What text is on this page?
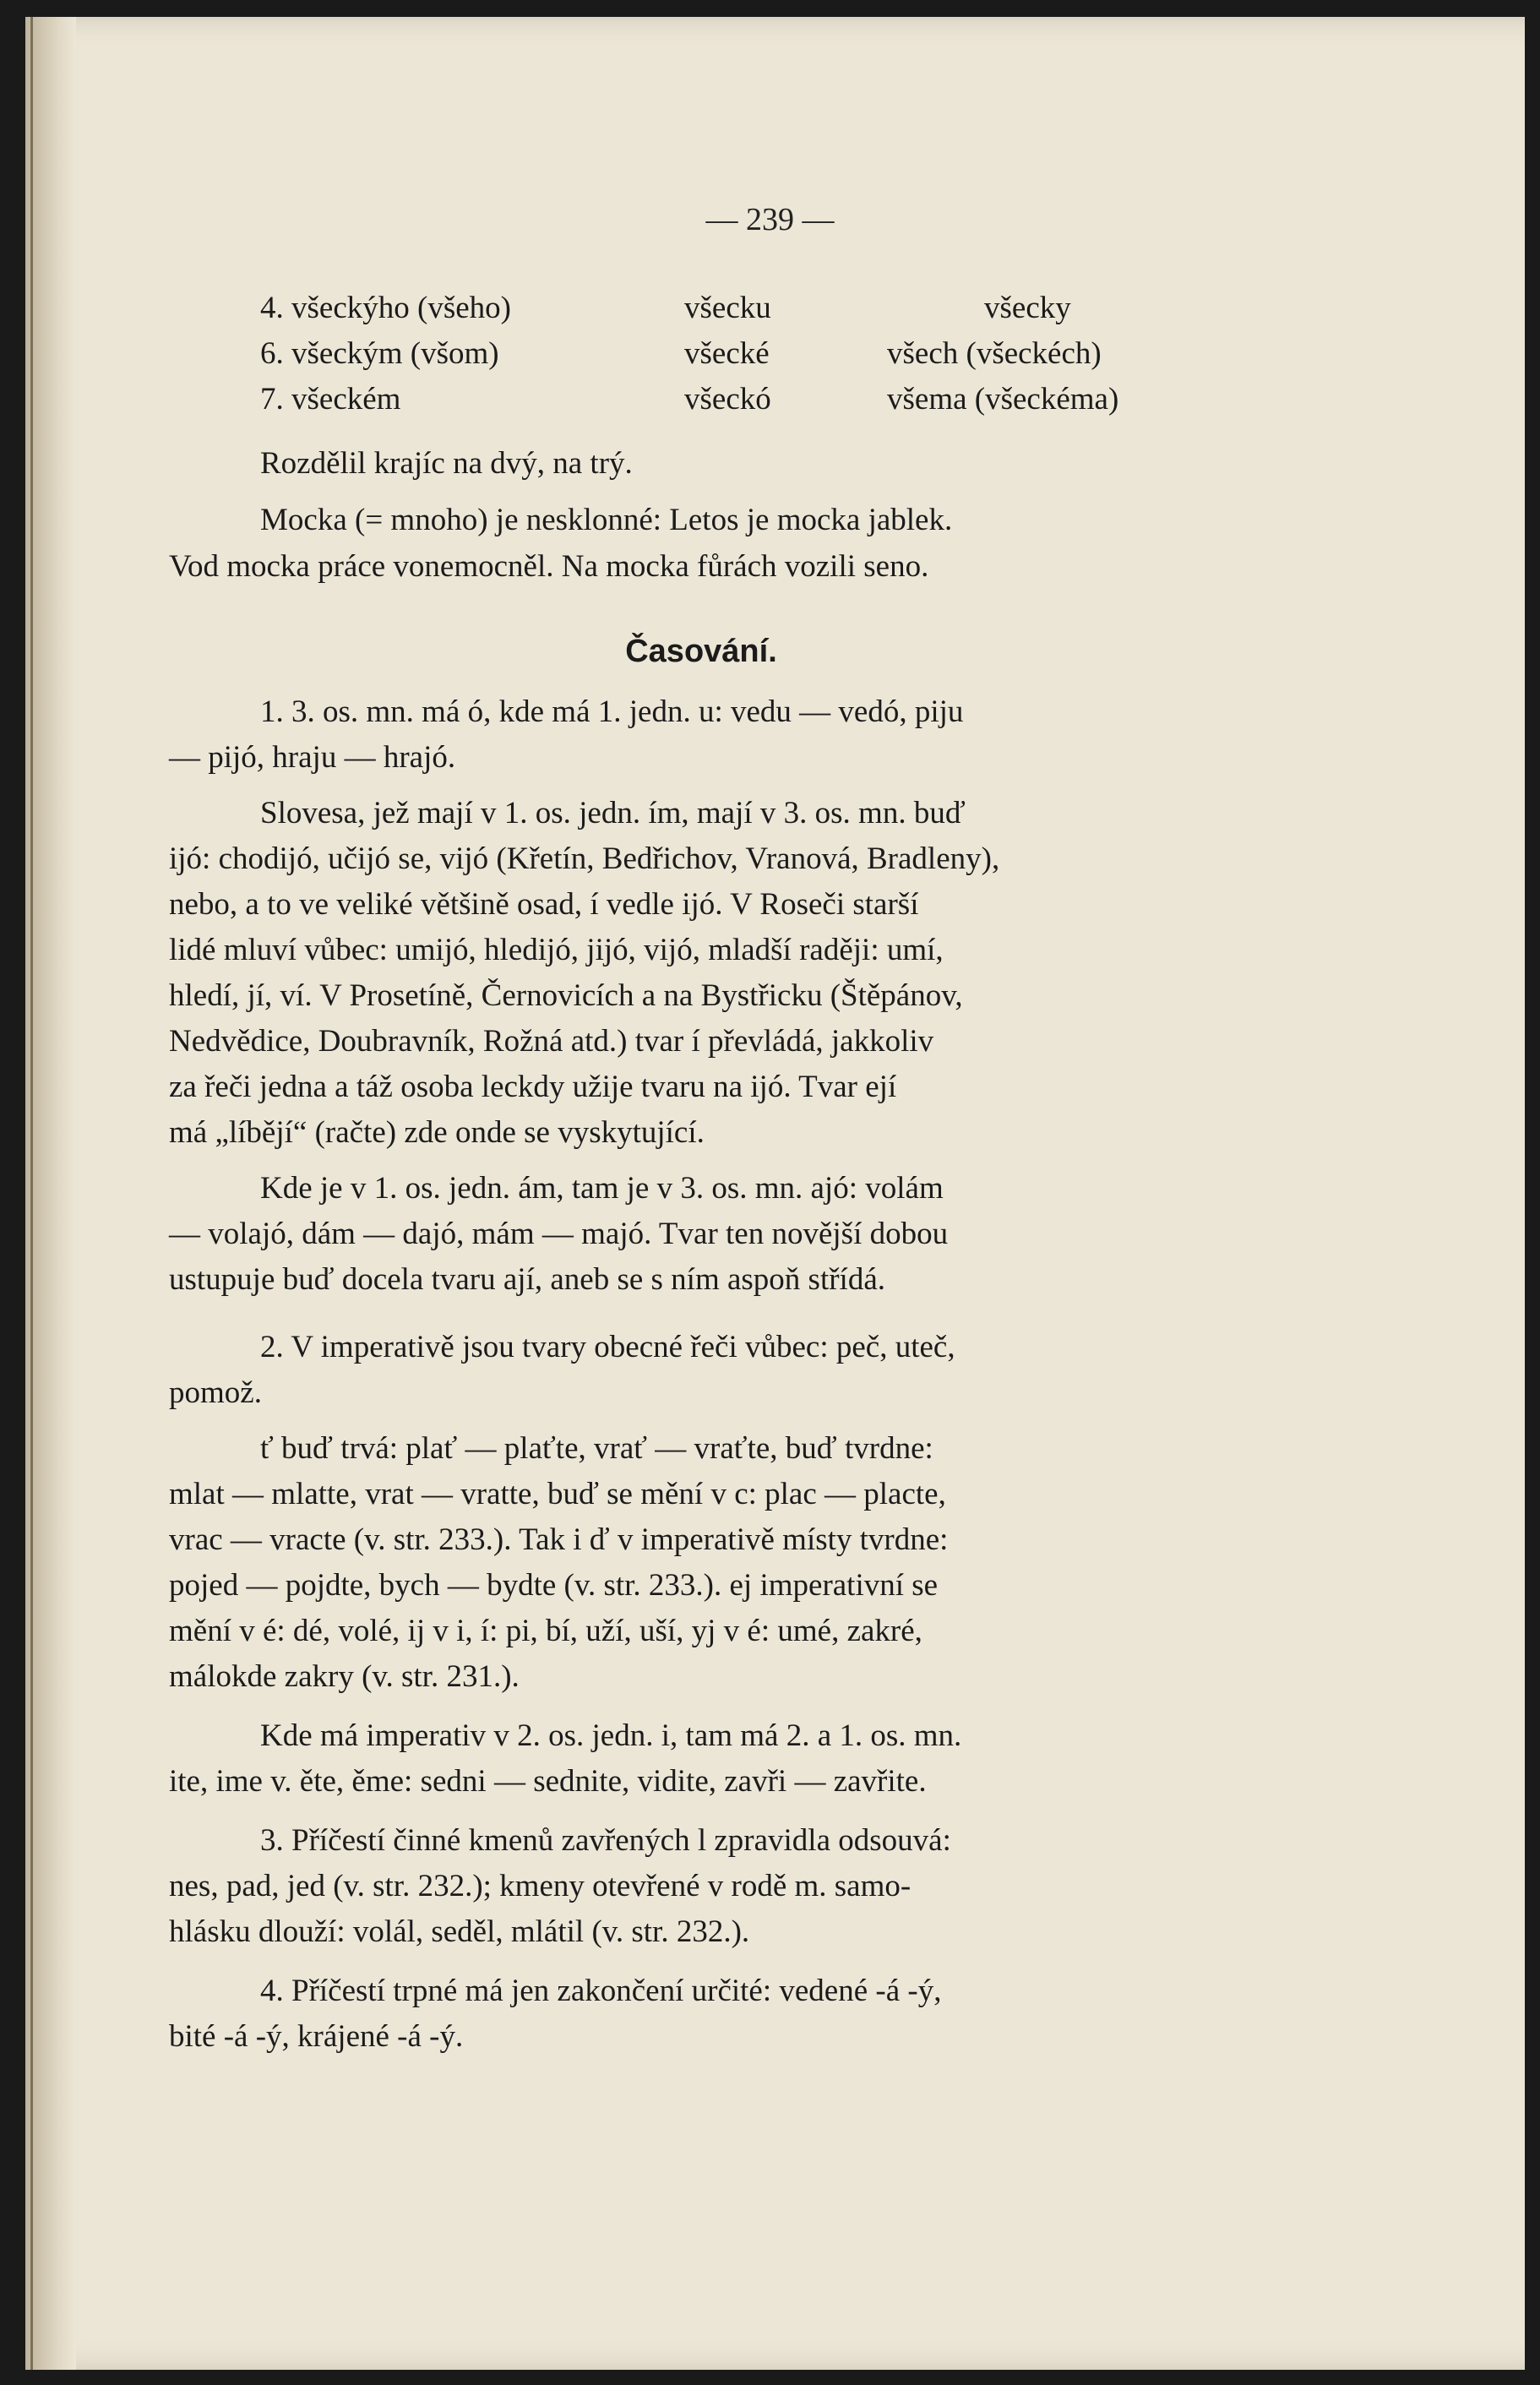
— 239 —
4. všeckýho (všeho)	všecku	všecky
6. všeckým (všom)	všecké	všech (všeckéch)
7. všeckém	všeckó	všema (všeckéma)
Rozdělil krajíc na dvý, na trý.
Mocka (= mnoho) je nesklonné: Letos je mocka jablek.
Vod mocka práce vonemocněl. Na mocka fůrách vozili seno.
Časování.
1. 3. os. mn. má ó, kde má 1. jedn. u: vedu — vedó, piju
— pijó, hraju — hrajó.
Slovesa, jež mají v 1. os. jedn. ím, mají v 3. os. mn. buď
ijó: chodijó, učijó se, vijó (Křetín, Bedřichov, Vranová, Bradleny),
nebo, a to ve veliké většině osad, í vedle ijó. V Roseči starší
lidé mluví vůbec: umijó, hledijó, jijó, vijó, mladší raději: umí,
hledí, jí, ví. V Prosetíně, Černovicích a na Bystřicku (Štěpánov,
Nedvědice, Doubravník, Rožná atd.) tvar í převládá, jakkoliv
za řeči jedna a táž osoba leckdy užije tvaru na ijó. Tvar ejí
má „líbějí“ (račte) zde onde se vyskytující.
Kde je v 1. os. jedn. ám, tam je v 3. os. mn. ajó: volám
— volajó, dám — dajó, mám — majó. Tvar ten novější dobou
ustupuje buď docela tvaru ají, aneb se s ním aspoň střídá.
2. V imperativě jsou tvary obecné řeči vůbec: peč, uteč,
pomož.
ť buď trvá: plať — plaťte, vrať — vraťte, buď tvrdne:
mlat — mlatte, vrat — vratte, buď se mění v c: plac — placte,
vrac — vracte (v. str. 233.). Tak i ď v imperativě místy tvrdne:
pojed — pojdte, bych — bydte (v. str. 233.). ej imperativní se
mění v é: dé, volé, ij v i, í: pi, bí, uží, uší, yj v é: umé, zakré,
málokde zakry (v. str. 231.).
Kde má imperativ v 2. os. jedn. i, tam má 2. a 1. os. mn.
ite, ime v. ěte, ěme: sedni — sednite, vidite, zavři — zavřite.
3. Příčestí činné kmenů zavřených l zpravidla odsouvá:
nes, pad, jed (v. str. 232.); kmeny otevřené v rodě m. samo-
hlásku dlouží: volál, seděl, mlátil (v. str. 232.).
4. Příčestí trpné má jen zakončení určité: vedené -á -ý,
bité -á -ý, krájené -á -ý.
